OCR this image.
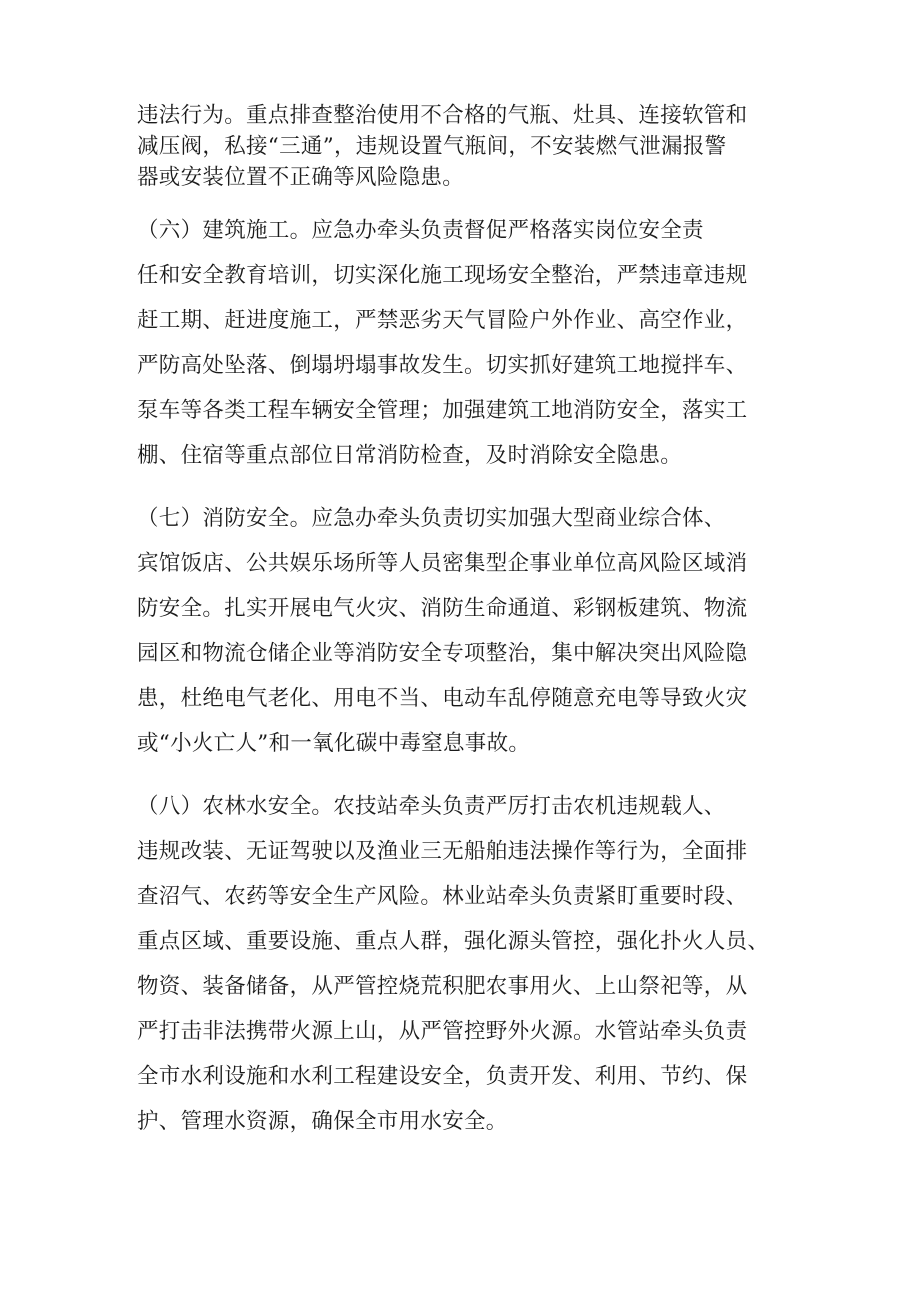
违法行为。重点排查整治使用不合格的气瓶、灶具、连接软管和
减压阀，私接“三通”，违规设置气瓶间，不安装燃气泄漏报警
器或安装位置不正确等风险隐患。

（六）建筑施工。应急办牵头负责督促严格落实岗位安全责
任和安全教育培训，切实深化施工现场安全整治，严禁违章违规
赶工期、赶进度施工，严禁恶劣天气冒险户外作业、高空作业，
严防高处坠落、倒塌坍塌事故发生。切实抓好建筑工地搅拌车、
泵车等各类工程车辆安全管理；加强建筑工地消防安全，落实工
棚、住宿等重点部位日常消防检查，及时消除安全隐患。

（七）消防安全。应急办牵头负责切实加强大型商业综合体、
宾馆饭店、公共娱乐场所等人员密集型企事业单位高风险区域消
防安全。扎实开展电气火灾、消防生命通道、彩钢板建筑、物流
园区和物流仓储企业等消防安全专项整治，集中解决突出风险隐
患，杜绝电气老化、用电不当、电动车乱停随意充电等导致火灾
或“小火亡人”和一氧化碳中毒窒息事故。

（八）农林水安全。农技站牵头负责严厉打击农机违规载人、
违规改装、无证驾驶以及渔业三无船舶违法操作等行为，全面排
查沼气、农药等安全生产风险。林业站牵头负责紧盯重要时段、
重点区域、重要设施、重点人群，强化源头管控，强化扑火人员、
物资、装备储备，从严管控烧荒积肥农事用火、上山祭祀等，从
严打击非法携带火源上山，从严管控野外火源。水管站牵头负责
全市水利设施和水利工程建设安全，负责开发、利用、节约、保
护、管理水资源，确保全市用水安全。
